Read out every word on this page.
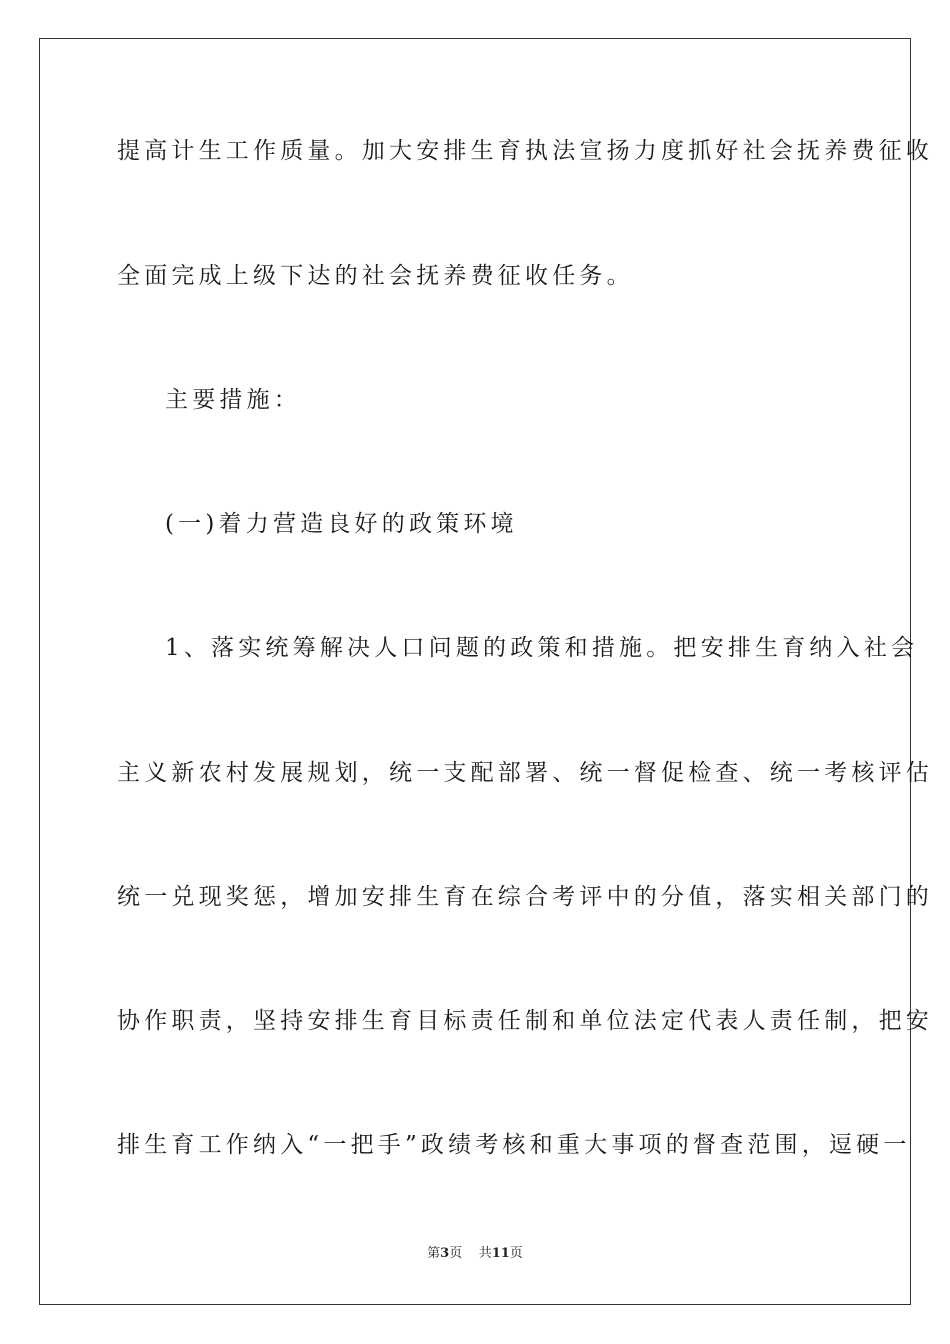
提高计生工作质量。加大安排生育执法宣扬力度抓好社会抚养费征收
全面完成上级下达的社会抚养费征收任务。
主要措施：
(一)着力营造良好的政策环境
1、落实统筹解决人口问题的政策和措施。把安排生育纳入社会
主义新农村发展规划，统一支配部署、统一督促检查、统一考核评估
统一兑现奖惩，增加安排生育在综合考评中的分值，落实相关部门的
协作职责，坚持安排生育目标责任制和单位法定代表人责任制，把安
排生育工作纳入“一把手”政绩考核和重大事项的督查范围，逗硬一
第3页 共11页
